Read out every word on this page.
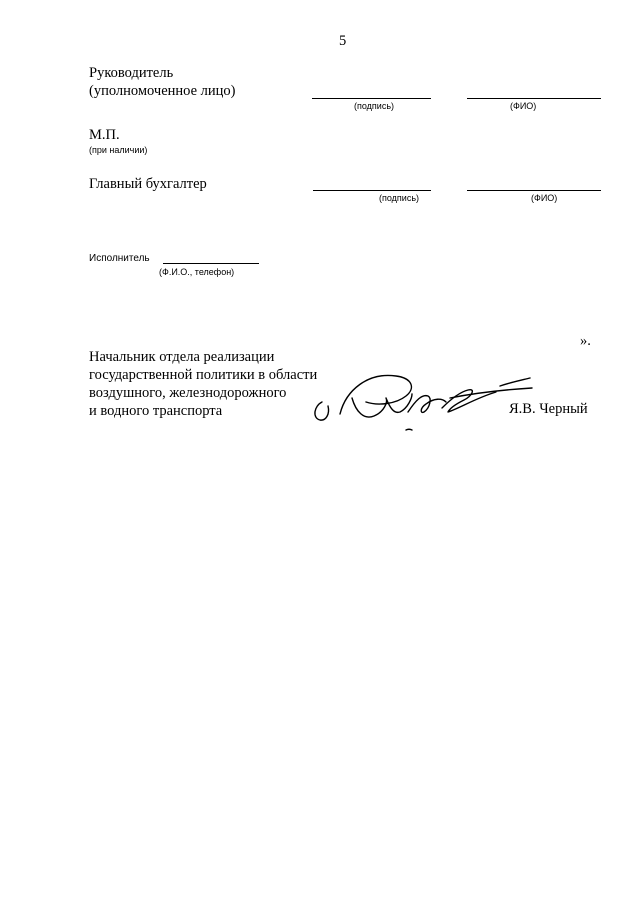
5
Руководитель
(уполномоченное лицо)
(подпись)	(ФИО)
М.П.
(при наличии)
Главный бухгалтер
(подпись)	(ФИО)
Исполнитель
(Ф.И.О., телефон)
».
Начальник отдела реализации
государственной политики в области
воздушного, железнодорожного
и водного транспорта	Я.В. Черный
